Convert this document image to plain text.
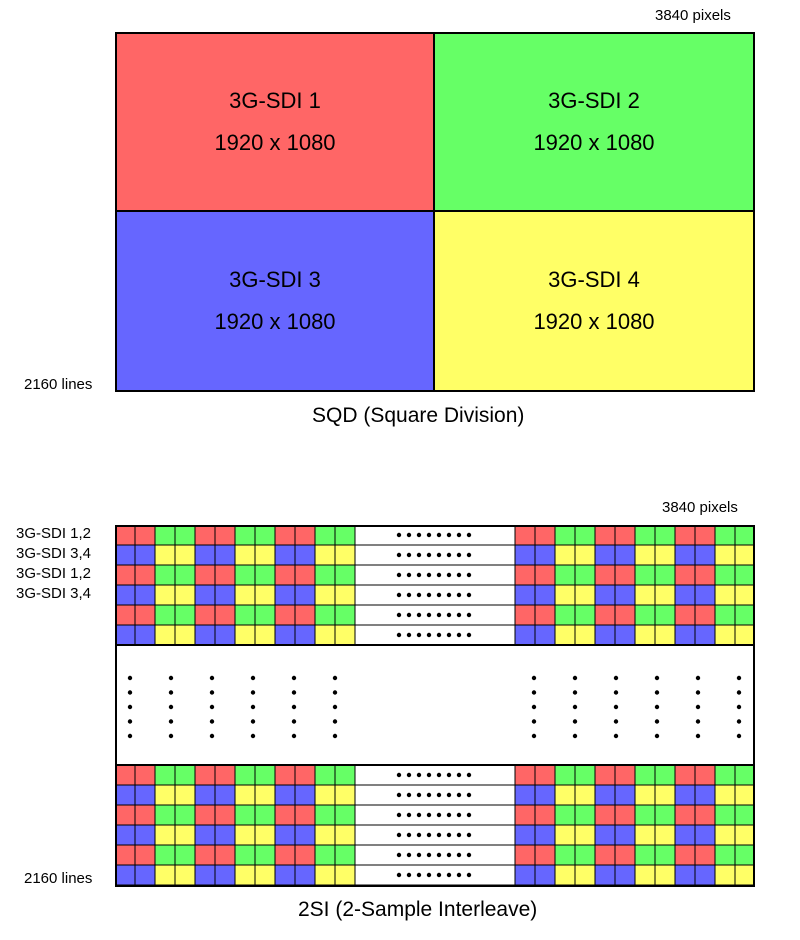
3840 pixels
2160 lines
3G-SDI 1
1920 x 1080
3G-SDI 2
1920 x 1080
3G-SDI 3
1920 x 1080
3G-SDI 4
1920 x 1080
SQD (Square Division)
3840 pixels
3G-SDI 1,2
3G-SDI 3,4
3G-SDI 1,2
3G-SDI 3,4
2160 lines
2SI (2-Sample Interleave)
